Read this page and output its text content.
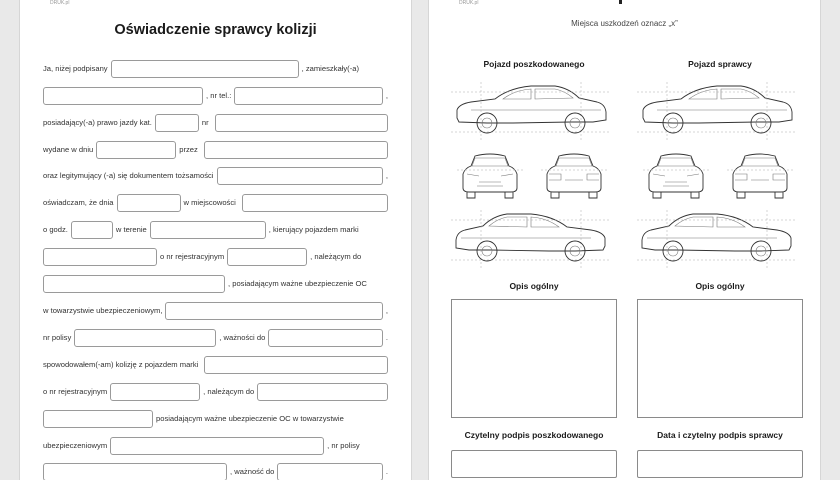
DRUK.pl
Oświadczenie sprawcy kolizji
Ja, niżej podpisany	, zamieszkały(-a)
, nr tel.:	,
posiadający(-a) prawo jazdy kat.	nr
wydane w dniu	przez
oraz legitymujący (-a) się dokumentem tożsamości	,
oświadczam, że dnia	w miejscowości
o godz.	w terenie	, kierujący pojazdem marki
o nr rejestracyjnym	, należącym do
, posiadającym ważne ubezpieczenie OC
w towarzystwie ubezpieczeniowym,	,
nr polisy	, ważności do	.
spowodowałem(-am) kolizję z pojazdem marki
o nr rejestracyjnym	, należącym do
posiadającym ważne ubezpieczenie OC w towarzystwie
ubezpieczeniowym	, nr polisy
, ważność do	.
DRUK.pl
Miejsca uszkodzeń oznacz „x”
Pojazd poszkodowanego	Pojazd sprawcy
Opis ogólny	Opis ogólny
Czytelny podpis poszkodowanego	Data i czytelny podpis sprawcy
